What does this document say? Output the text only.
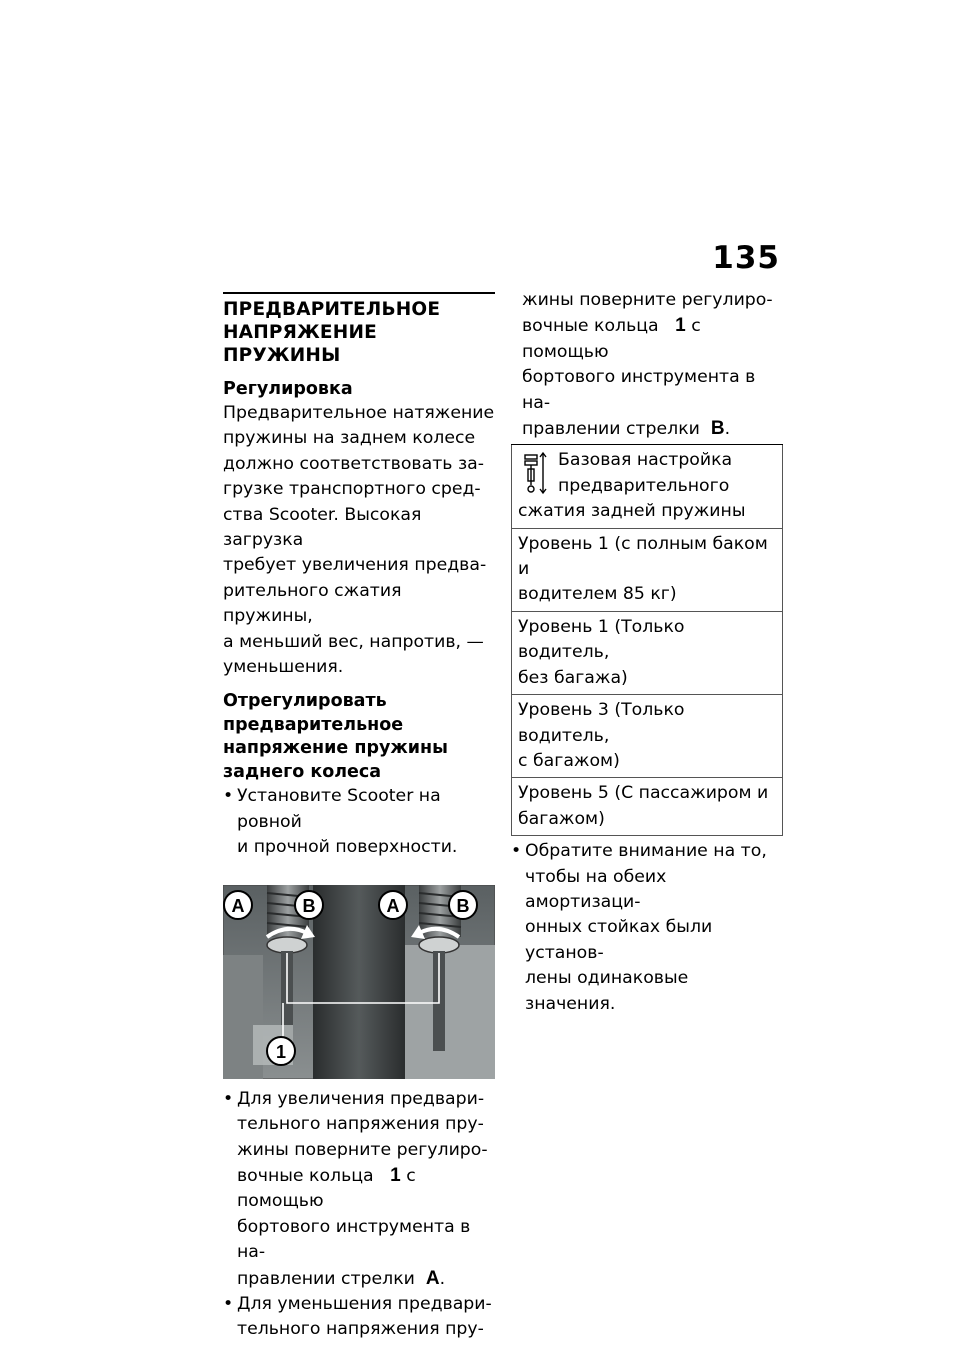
135
ПРЕДВАРИТЕЛЬНОЕ
НАПРЯЖЕНИЕ ПРУЖИНЫ
Регулировка
Предварительное натяжение
пружины на заднем колесе
должно соответствовать за-
грузке транспортного сред-
ства Scooter. Высокая загрузка
требует увеличения предва-
рительного сжатия пружины,
а меньший вес, напротив, —
уменьшения.
Отрегулировать
предварительное
напряжение пружины
заднего колеса
• Установите Scooter на ровной
и прочной поверхности.
A	B	A	B
1
• Для увеличения предвари-
тельного напряжения пру-
жины поверните регулиро-
вочные кольца 1 с помощью
бортового инструмента в на-
правлении стрелки A.
• Для уменьшения предвари-
тельного напряжения пру-
жины поверните регулиро-
вочные кольца 1 с помощью
бортового инструмента в на-
правлении стрелки B.
Базовая настройка
предварительного
сжатия задней пружины
Уровень 1 (с полным баком и
водителем 85 кг)
Уровень 1 (Только водитель,
без багажа)
Уровень 3 (Только водитель,
с багажом)
Уровень 5 (С пассажиром и
багажом)
• Обратите внимание на то,
чтобы на обеих амортизаци-
онных стойках были установ-
лены одинаковые значения.
